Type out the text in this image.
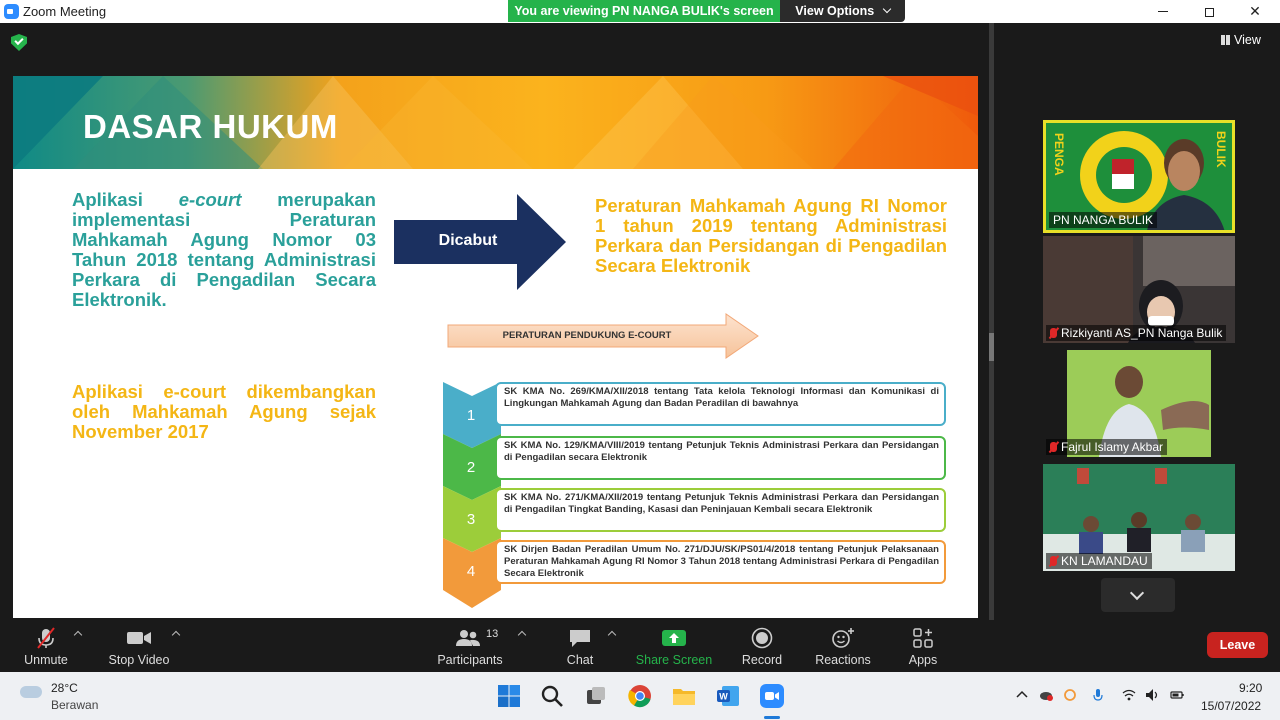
Zoom Meeting	You are viewing PN NANGA BULIK's screen	View Options	✕
View
DASAR HUKUM
Aplikasi e-court merupakan implementasi Peraturan Mahkamah Agung Nomor 03 Tahun 2018 tentang Administrasi Perkara di Pengadilan Secara Elektronik.
Aplikasi e-court dikembangkan oleh Mahkamah Agung sejak November 2017
Dicabut
Peraturan Mahkamah Agung RI Nomor 1 tahun 2019 tentang Administrasi Perkara dan Persidangan di Pengadilan Secara Elektronik
PERATURAN PENDUKUNG E-COURT
1
SK KMA No. 269/KMA/XII/2018 tentang Tata kelola Teknologi Informasi dan Komunikasi di Lingkungan Mahkamah Agung dan Badan Peradilan di bawahnya
2
SK KMA No. 129/KMA/VIII/2019 tentang Petunjuk Teknis Administrasi Perkara dan Persidangan di Pengadilan secara Elektronik
3
SK KMA No. 271/KMA/XII/2019 tentang Petunjuk Teknis Administrasi Perkara dan Persidangan di Pengadilan Tingkat Banding, Kasasi dan Peninjauan Kembali secara Elektronik
4
SK Dirjen Badan Peradilan Umum No. 271/DJU/SK/PS01/4/2018 tentang Petunjuk Pelaksanaan Peraturan Mahkamah Agung RI Nomor 3 Tahun 2018 tentang Administrasi Perkara di Pengadilan Secara Elektronik
PENGA	BULIK
PN NANGA BULIK
Rizkiyanti AS_PN Nanga Bulik
Fajrul Islamy Akbar
KN LAMANDAU
Unmute	Stop Video
13
Participants	Chat	Share Screen	Record	Reactions	Apps
Leave
28°C
Berawan
W
9:20
15/07/2022
